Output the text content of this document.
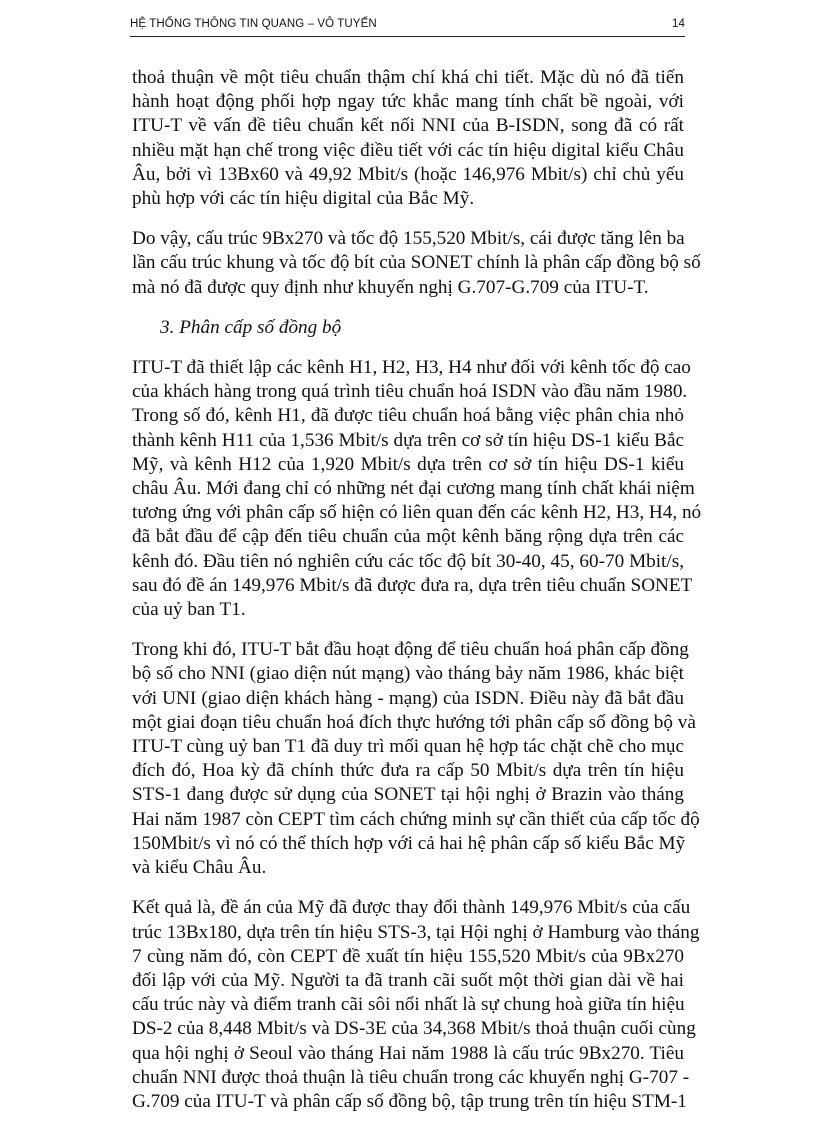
HỆ THỐNG THÔNG TIN QUANG – VÔ TUYẾN	14

thoả thuận về một tiêu chuẩn thậm chí khá chi tiết. Mặc dù nó đã tiến
hành hoạt động phối hợp ngay tức khắc mang tính chất bề ngoài, với
ITU-T về vấn đề tiêu chuẩn kết nối NNI của B-ISDN, song đã có rất
nhiều mặt hạn chế trong việc điều tiết với các tín hiệu digital kiểu Châu
Âu, bởi vì 13Bx60 và 49,92 Mbit/s (hoặc 146,976 Mbit/s) chỉ chủ yếu
phù hợp với các tín hiệu digital của Bắc Mỹ.

Do vậy, cấu trúc 9Bx270 và tốc độ 155,520 Mbit/s, cái được tăng lên ba
lần cấu trúc khung và tốc độ bít của SONET chính là phân cấp đồng bộ số
mà nó đã được quy định như khuyến nghị G.707-G.709 của ITU-T.

3. Phân cấp số đồng bộ

ITU-T đã thiết lập các kênh H1, H2, H3, H4 như đối với kênh tốc độ cao
của khách hàng trong quá trình tiêu chuẩn hoá ISDN vào đầu năm 1980.
Trong số đó, kênh H1, đã được tiêu chuẩn hoá bằng việc phân chia nhỏ
thành kênh H11 của 1,536 Mbit/s dựa trên cơ sở tín hiệu DS-1 kiểu Bắc
Mỹ, và kênh H12 của 1,920 Mbit/s dựa trên cơ sở tín hiệu DS-1 kiểu
châu Âu. Mới đang chỉ có những nét đại cương mang tính chất khái niệm
tương ứng với phân cấp số hiện có liên quan đến các kênh H2, H3, H4, nó
đã bắt đầu để cập đến tiêu chuẩn của một kênh băng rộng dựa trên các
kênh đó. Đầu tiên nó nghiên cứu các tốc độ bít 30-40, 45, 60-70 Mbit/s,
sau đó đề án 149,976 Mbit/s đã được đưa ra, dựa trên tiêu chuẩn SONET
của uỷ ban T1.

Trong khi đó, ITU-T bắt đầu hoạt động để tiêu chuẩn hoá phân cấp đồng
bộ số cho NNI (giao diện nút mạng) vào tháng bảy năm 1986, khác biệt
với UNI (giao diện khách hàng - mạng) của ISDN. Điều này đã bắt đầu
một giai đoạn tiêu chuẩn hoá đích thực hướng tới phân cấp số đồng bộ và
ITU-T cùng uỷ ban T1 đã duy trì mối quan hệ hợp tác chặt chẽ cho mục
đích đó, Hoa kỳ đã chính thức đưa ra cấp 50 Mbit/s dựa trên tín hiệu
STS-1 đang được sử dụng của SONET tại hội nghị ở Brazin vào tháng
Hai năm 1987 còn CEPT tìm cách chứng minh sự cần thiết của cấp tốc độ
150Mbit/s vì nó có thể thích hợp với cả hai hệ phân cấp số kiểu Bắc Mỹ
và kiểu Châu Âu.

Kết quả là, đề án của Mỹ đã được thay đổi thành 149,976 Mbit/s của cấu
trúc 13Bx180, dựa trên tín hiệu STS-3, tại Hội nghị ở Hamburg vào tháng
7 cùng năm đó, còn CEPT đề xuất tín hiệu 155,520 Mbit/s của 9Bx270
đối lập với của Mỹ. Người ta đã tranh cãi suốt một thời gian dài về hai
cấu trúc này và điểm tranh cãi sôi nổi nhất là sự chung hoà giữa tín hiệu
DS-2 của 8,448 Mbit/s và DS-3E của 34,368 Mbit/s thoả thuận cuối cùng
qua hội nghị ở Seoul vào tháng Hai năm 1988 là cấu trúc 9Bx270. Tiêu
chuẩn NNI được thoả thuận là tiêu chuẩn trong các khuyến nghị G-707 -
G.709 của ITU-T và phân cấp số đồng bộ, tập trung trên tín hiệu STM-1
